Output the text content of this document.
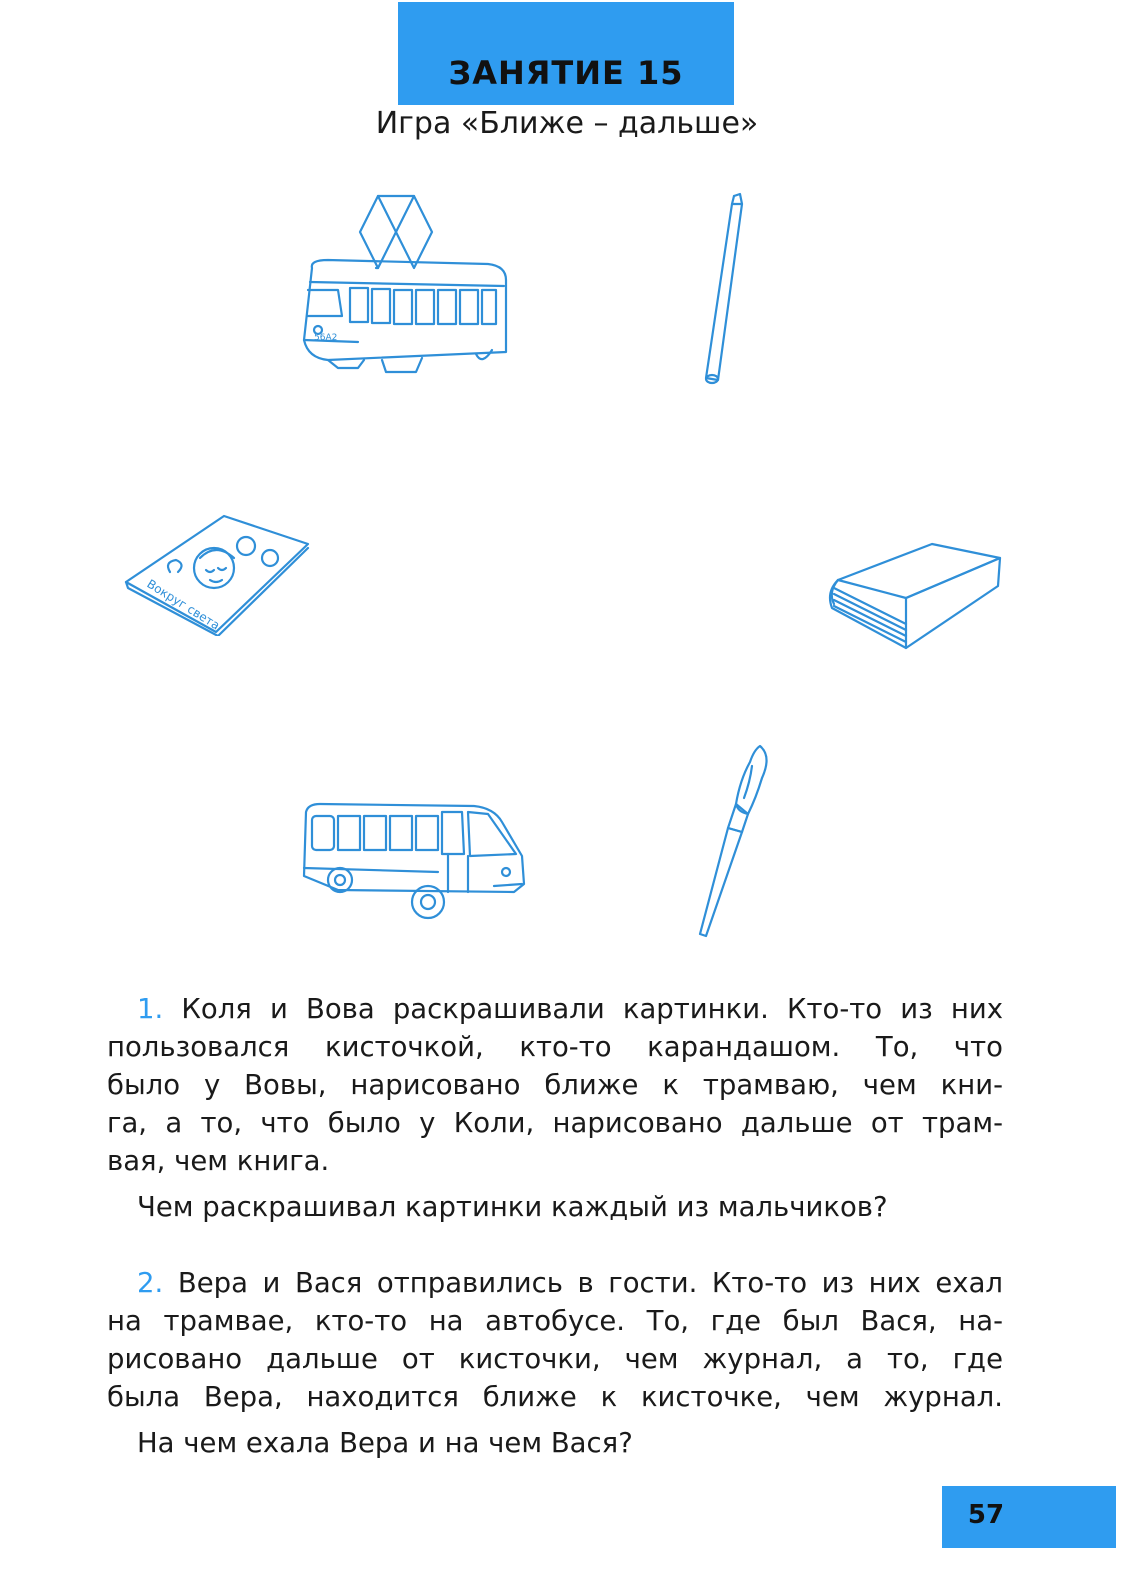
ЗАНЯТИЕ 15
Игра «Ближе – дальше»
56A2
Вокруг света
1. Коля и Вова раскрашивали картинки. Кто-то из них
пользовался кисточкой, кто-то карандашом. То, что
было у Вовы, нарисовано ближе к трамваю, чем кни-
га, а то, что было у Коли, нарисовано дальше от трам-
вая, чем книга.
Чем раскрашивал картинки каждый из мальчиков?
2. Вера и Вася отправились в гости. Кто-то из них ехал
на трамвае, кто-то на автобусе. То, где был Вася, на-
рисовано дальше от кисточки, чем журнал, а то, где
была Вера, находится ближе к кисточке, чем журнал.
На чем ехала Вера и на чем Вася?
57
